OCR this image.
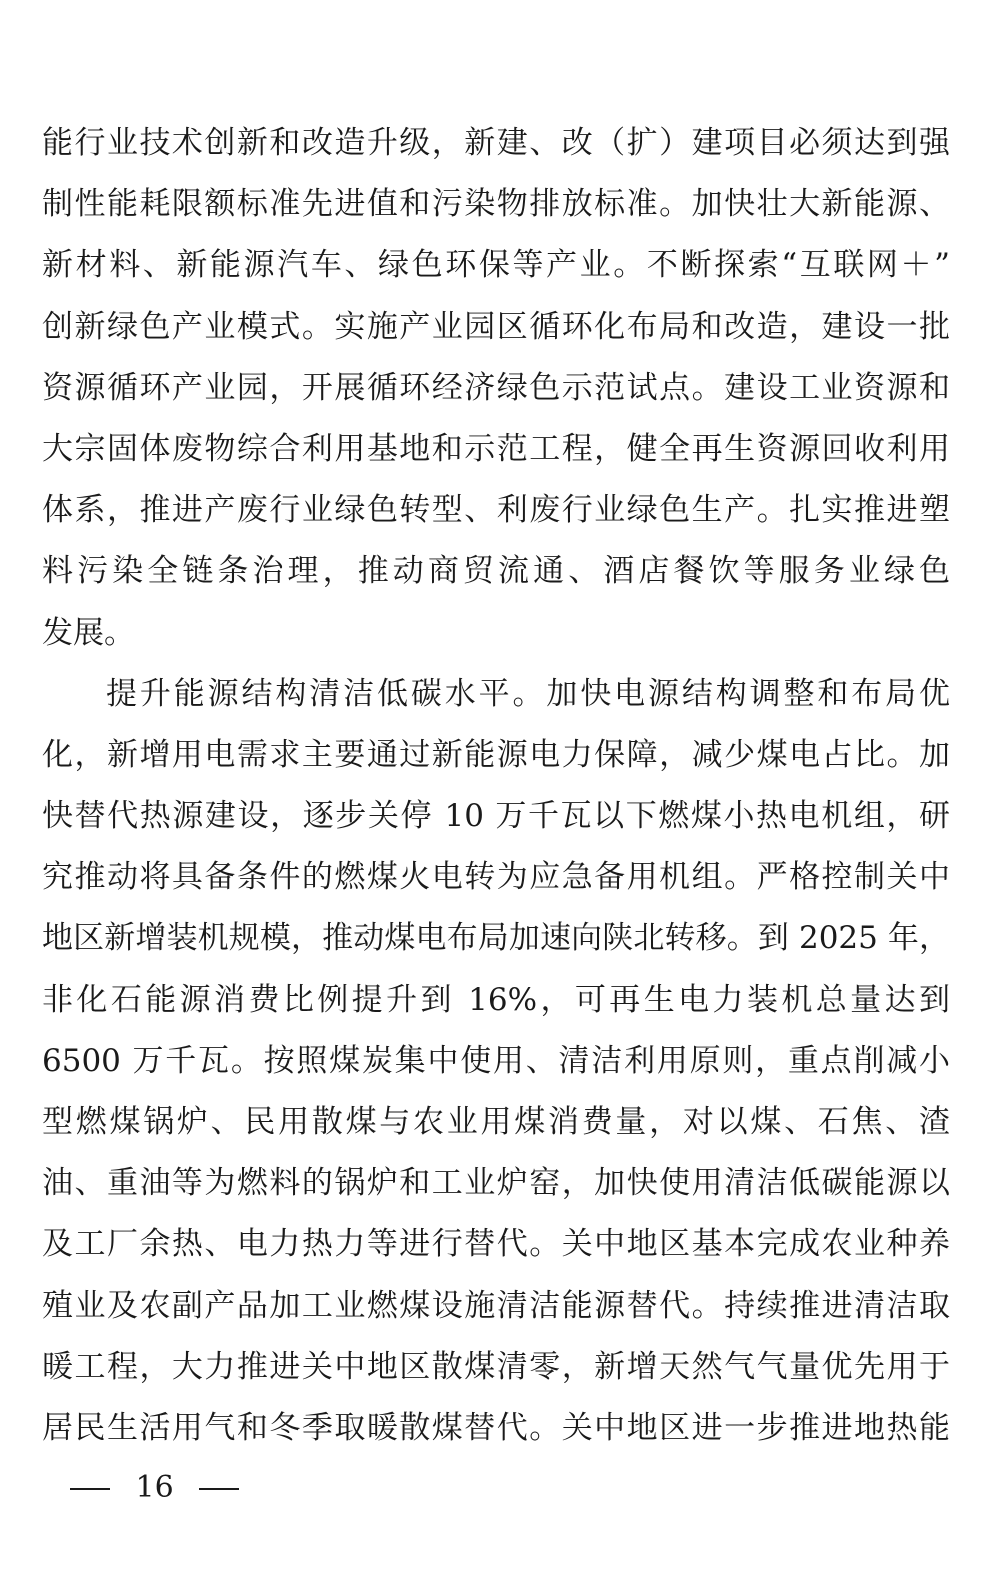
能行业技术创新和改造升级，新建、改（扩）建项目必须达到强
制性能耗限额标准先进值和污染物排放标准。加快壮大新能源、
新材料、新能源汽车、绿色环保等产业。不断探索“互联网＋”
创新绿色产业模式。实施产业园区循环化布局和改造，建设一批
资源循环产业园，开展循环经济绿色示范试点。建设工业资源和
大宗固体废物综合利用基地和示范工程，健全再生资源回收利用
体系，推进产废行业绿色转型、利废行业绿色生产。扎实推进塑
料污染全链条治理，推动商贸流通、酒店餐饮等服务业绿色
发展。
提升能源结构清洁低碳水平。加快电源结构调整和布局优
化，新增用电需求主要通过新能源电力保障，减少煤电占比。加
快替代热源建设，逐步关停 10 万千瓦以下燃煤小热电机组，研
究推动将具备条件的燃煤火电转为应急备用机组。严格控制关中
地区新增装机规模，推动煤电布局加速向陕北转移。到 2025 年，
非化石能源消费比例提升到 16%，可再生电力装机总量达到
6500 万千瓦。按照煤炭集中使用、清洁利用原则，重点削减小
型燃煤锅炉、民用散煤与农业用煤消费量，对以煤、石焦、渣
油、重油等为燃料的锅炉和工业炉窑，加快使用清洁低碳能源以
及工厂余热、电力热力等进行替代。关中地区基本完成农业种养
殖业及农副产品加工业燃煤设施清洁能源替代。持续推进清洁取
暖工程，大力推进关中地区散煤清零，新增天然气气量优先用于
居民生活用气和冬季取暖散煤替代。关中地区进一步推进地热能
16
